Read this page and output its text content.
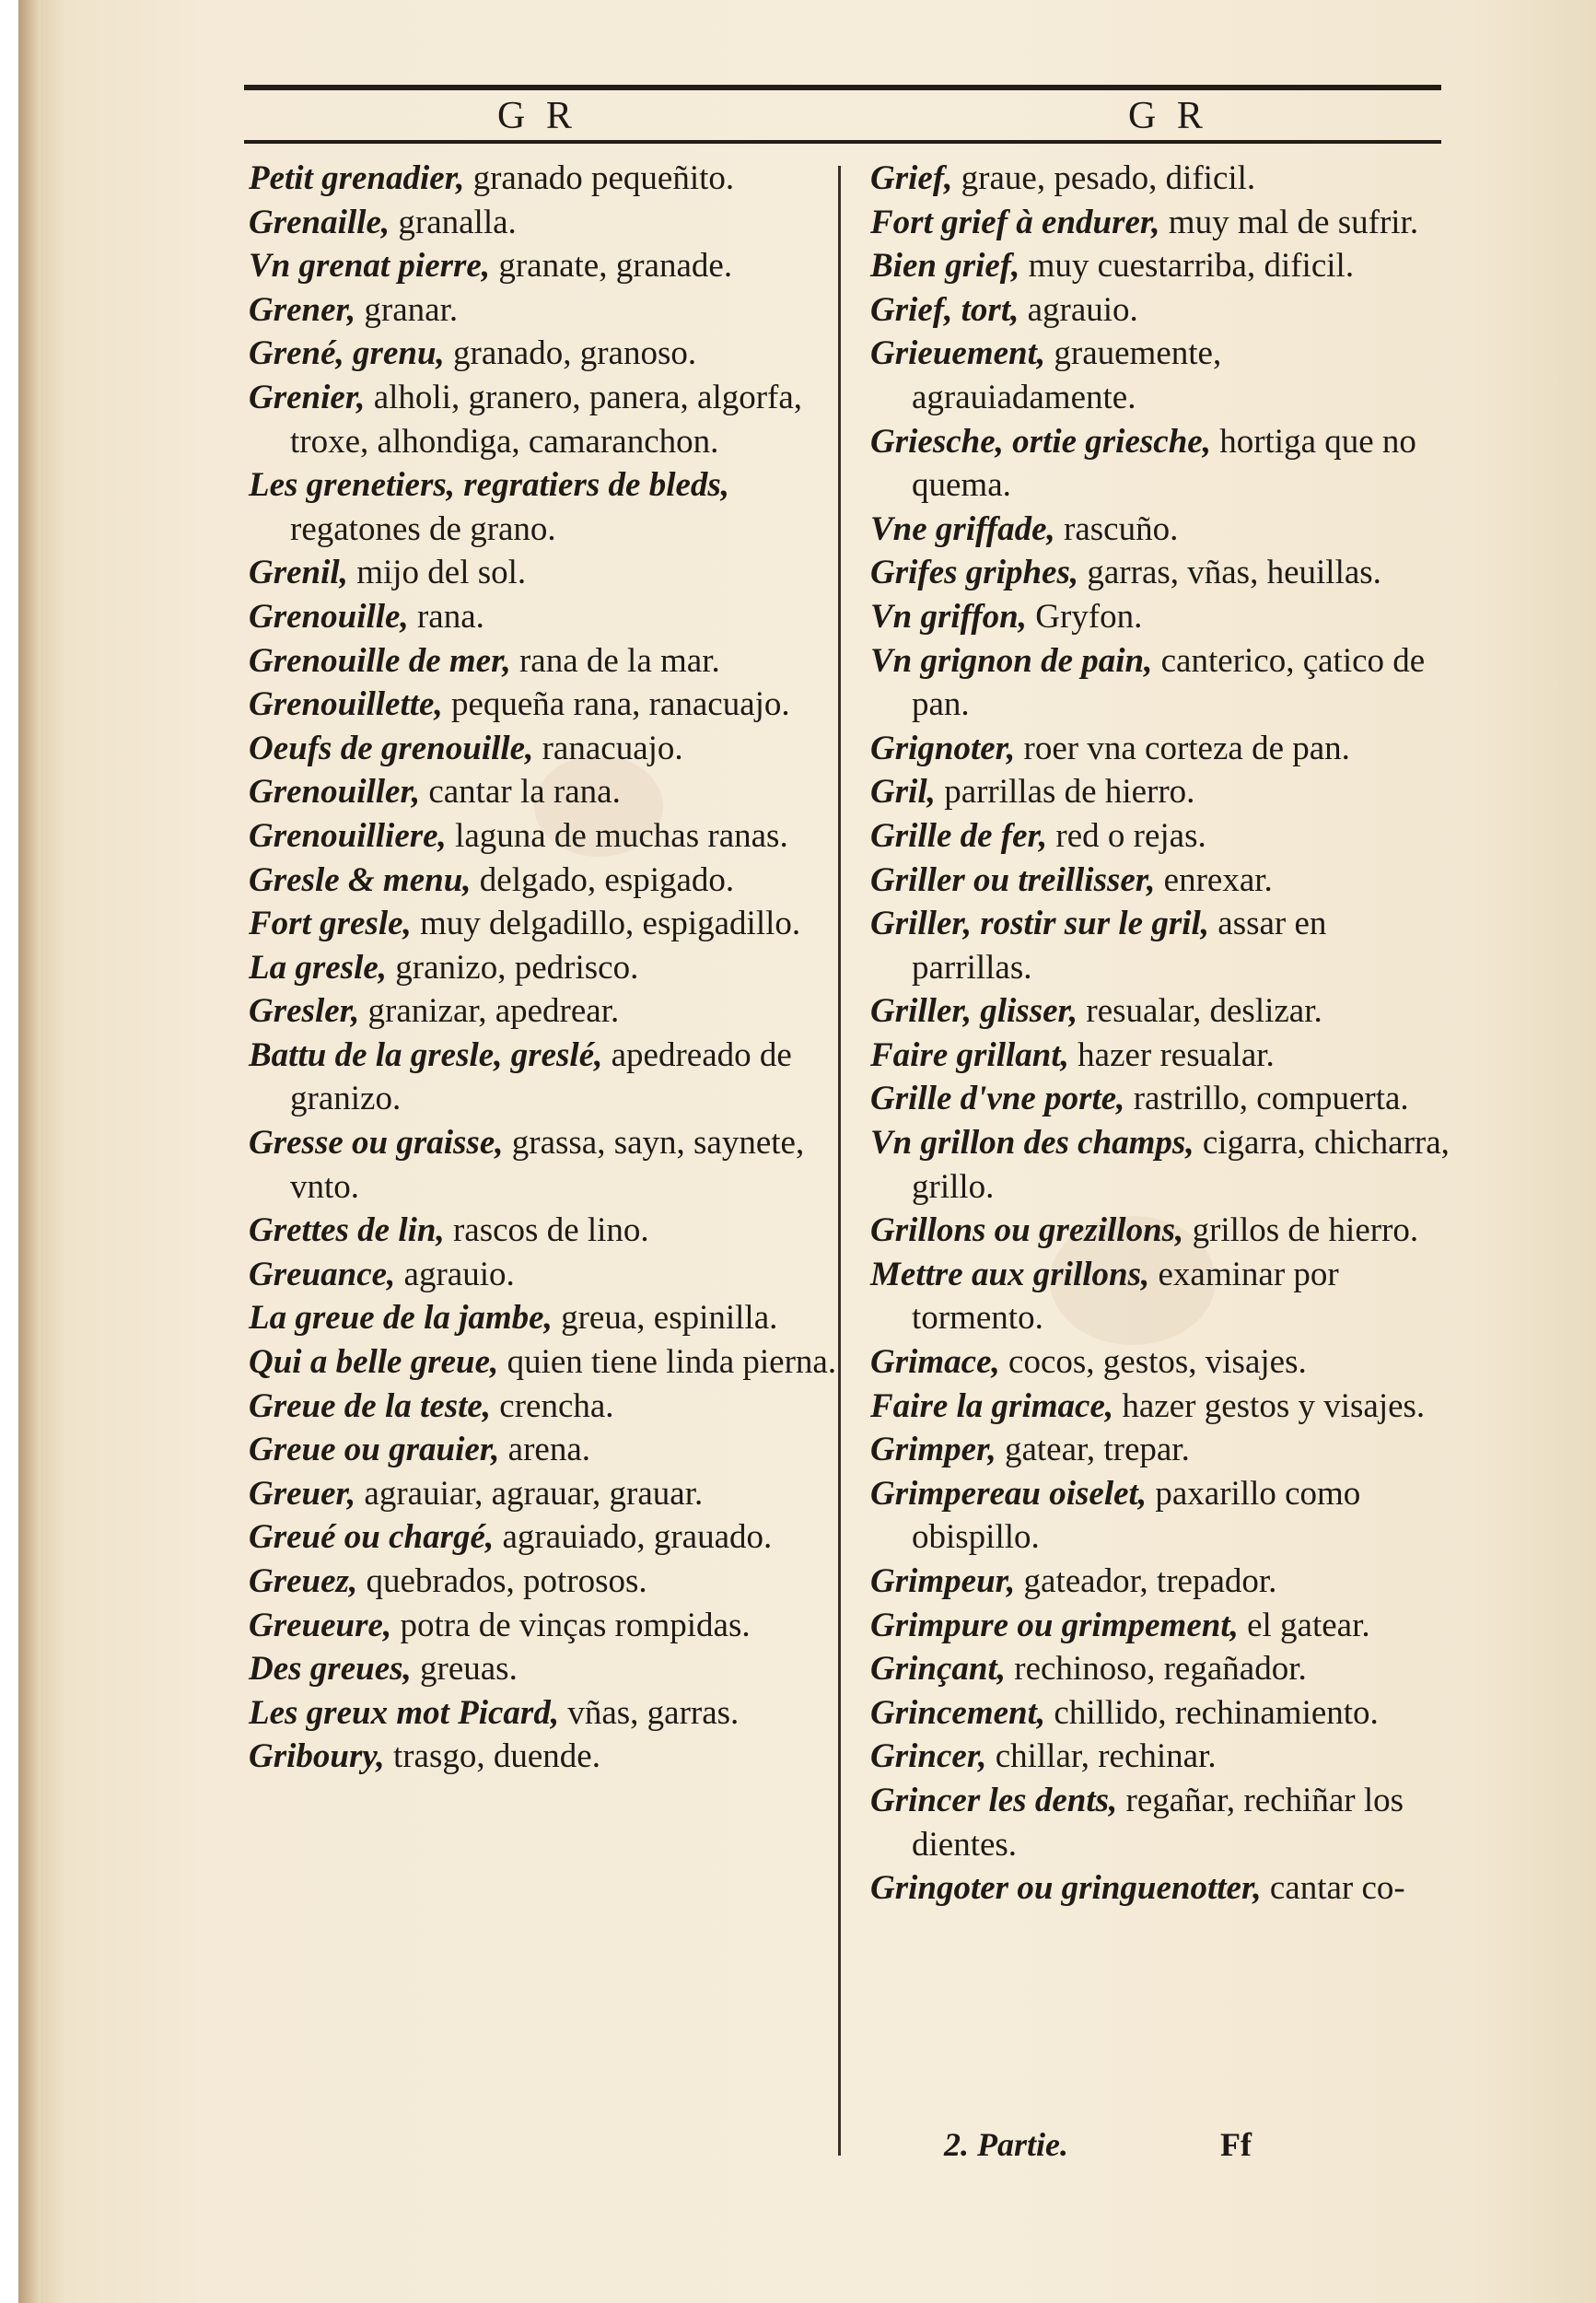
G R	G R
Petit grenadier, granado pequeñito.
Grenaille, granalla.
Vn grenat pierre, granate, granade.
Grener, granar.
Grené, grenu, granado, granoso.
Grenier, alholi, granero, panera, algorfa, troxe, alhondiga, camaranchon.
Les grenetiers, regratiers de bleds, regatones de grano.
Grenil, mijo del sol.
Grenouille, rana.
Grenouille de mer, rana de la mar.
Grenouillette, pequeña rana, ranacuajo.
Oeufs de grenouille, ranacuajo.
Grenouiller, cantar la rana.
Grenouilliere, laguna de muchas ranas.
Gresle & menu, delgado, espigado.
Fort gresle, muy delgadillo, espigadillo.
La gresle, granizo, pedrisco.
Gresler, granizar, apedrear.
Battu de la gresle, greslé, apedreado de granizo.
Gresse ou graisse, grassa, sayn, saynete, vnto.
Grettes de lin, rascos de lino.
Greuance, agrauio.
La greue de la jambe, greua, espinilla.
Qui a belle greue, quien tiene linda pierna.
Greue de la teste, crencha.
Greue ou grauier, arena.
Greuer, agrauiar, agrauar, grauar.
Greué ou chargé, agrauiado, grauado.
Greuez, quebrados, potrosos.
Greueure, potra de vinças rompidas.
Des greues, greuas.
Les greux mot Picard, vñas, garras.
Griboury, trasgo, duende.
Grief, graue, pesado, dificil.
Fort grief à endurer, muy mal de sufrir.
Bien grief, muy cuestarriba, dificil.
Grief, tort, agrauio.
Grieuement, grauemente, agrauiadamente.
Griesche, ortie griesche, hortiga que no quema.
Vne griffade, rascuño.
Grifes griphes, garras, vñas, heuillas.
Vn griffon, Gryfon.
Vn grignon de pain, canterico, çatico de pan.
Grignoter, roer vna corteza de pan.
Gril, parrillas de hierro.
Grille de fer, red o rejas.
Griller ou treillisser, enrexar.
Griller, rostir sur le gril, assar en parrillas.
Griller, glisser, resualar, deslizar.
Faire grillant, hazer resualar.
Grille d'vne porte, rastrillo, compuerta.
Vn grillon des champs, cigarra, chicharra, grillo.
Grillons ou grezillons, grillos de hierro.
Mettre aux grillons, examinar por tormento.
Grimace, cocos, gestos, visajes.
Faire la grimace, hazer gestos y visajes.
Grimper, gatear, trepar.
Grimpereau oiselet, paxarillo como obispillo.
Grimpeur, gateador, trepador.
Grimpure ou grimpement, el gatear.
Grinçant, rechinoso, regañador.
Grincement, chillido, rechinamiento.
Grincer, chillar, rechinar.
Grincer les dents, regañar, rechiñar los dientes.
Gringoter ou gringuenotter, cantar co-
2. Partie.	Ff
